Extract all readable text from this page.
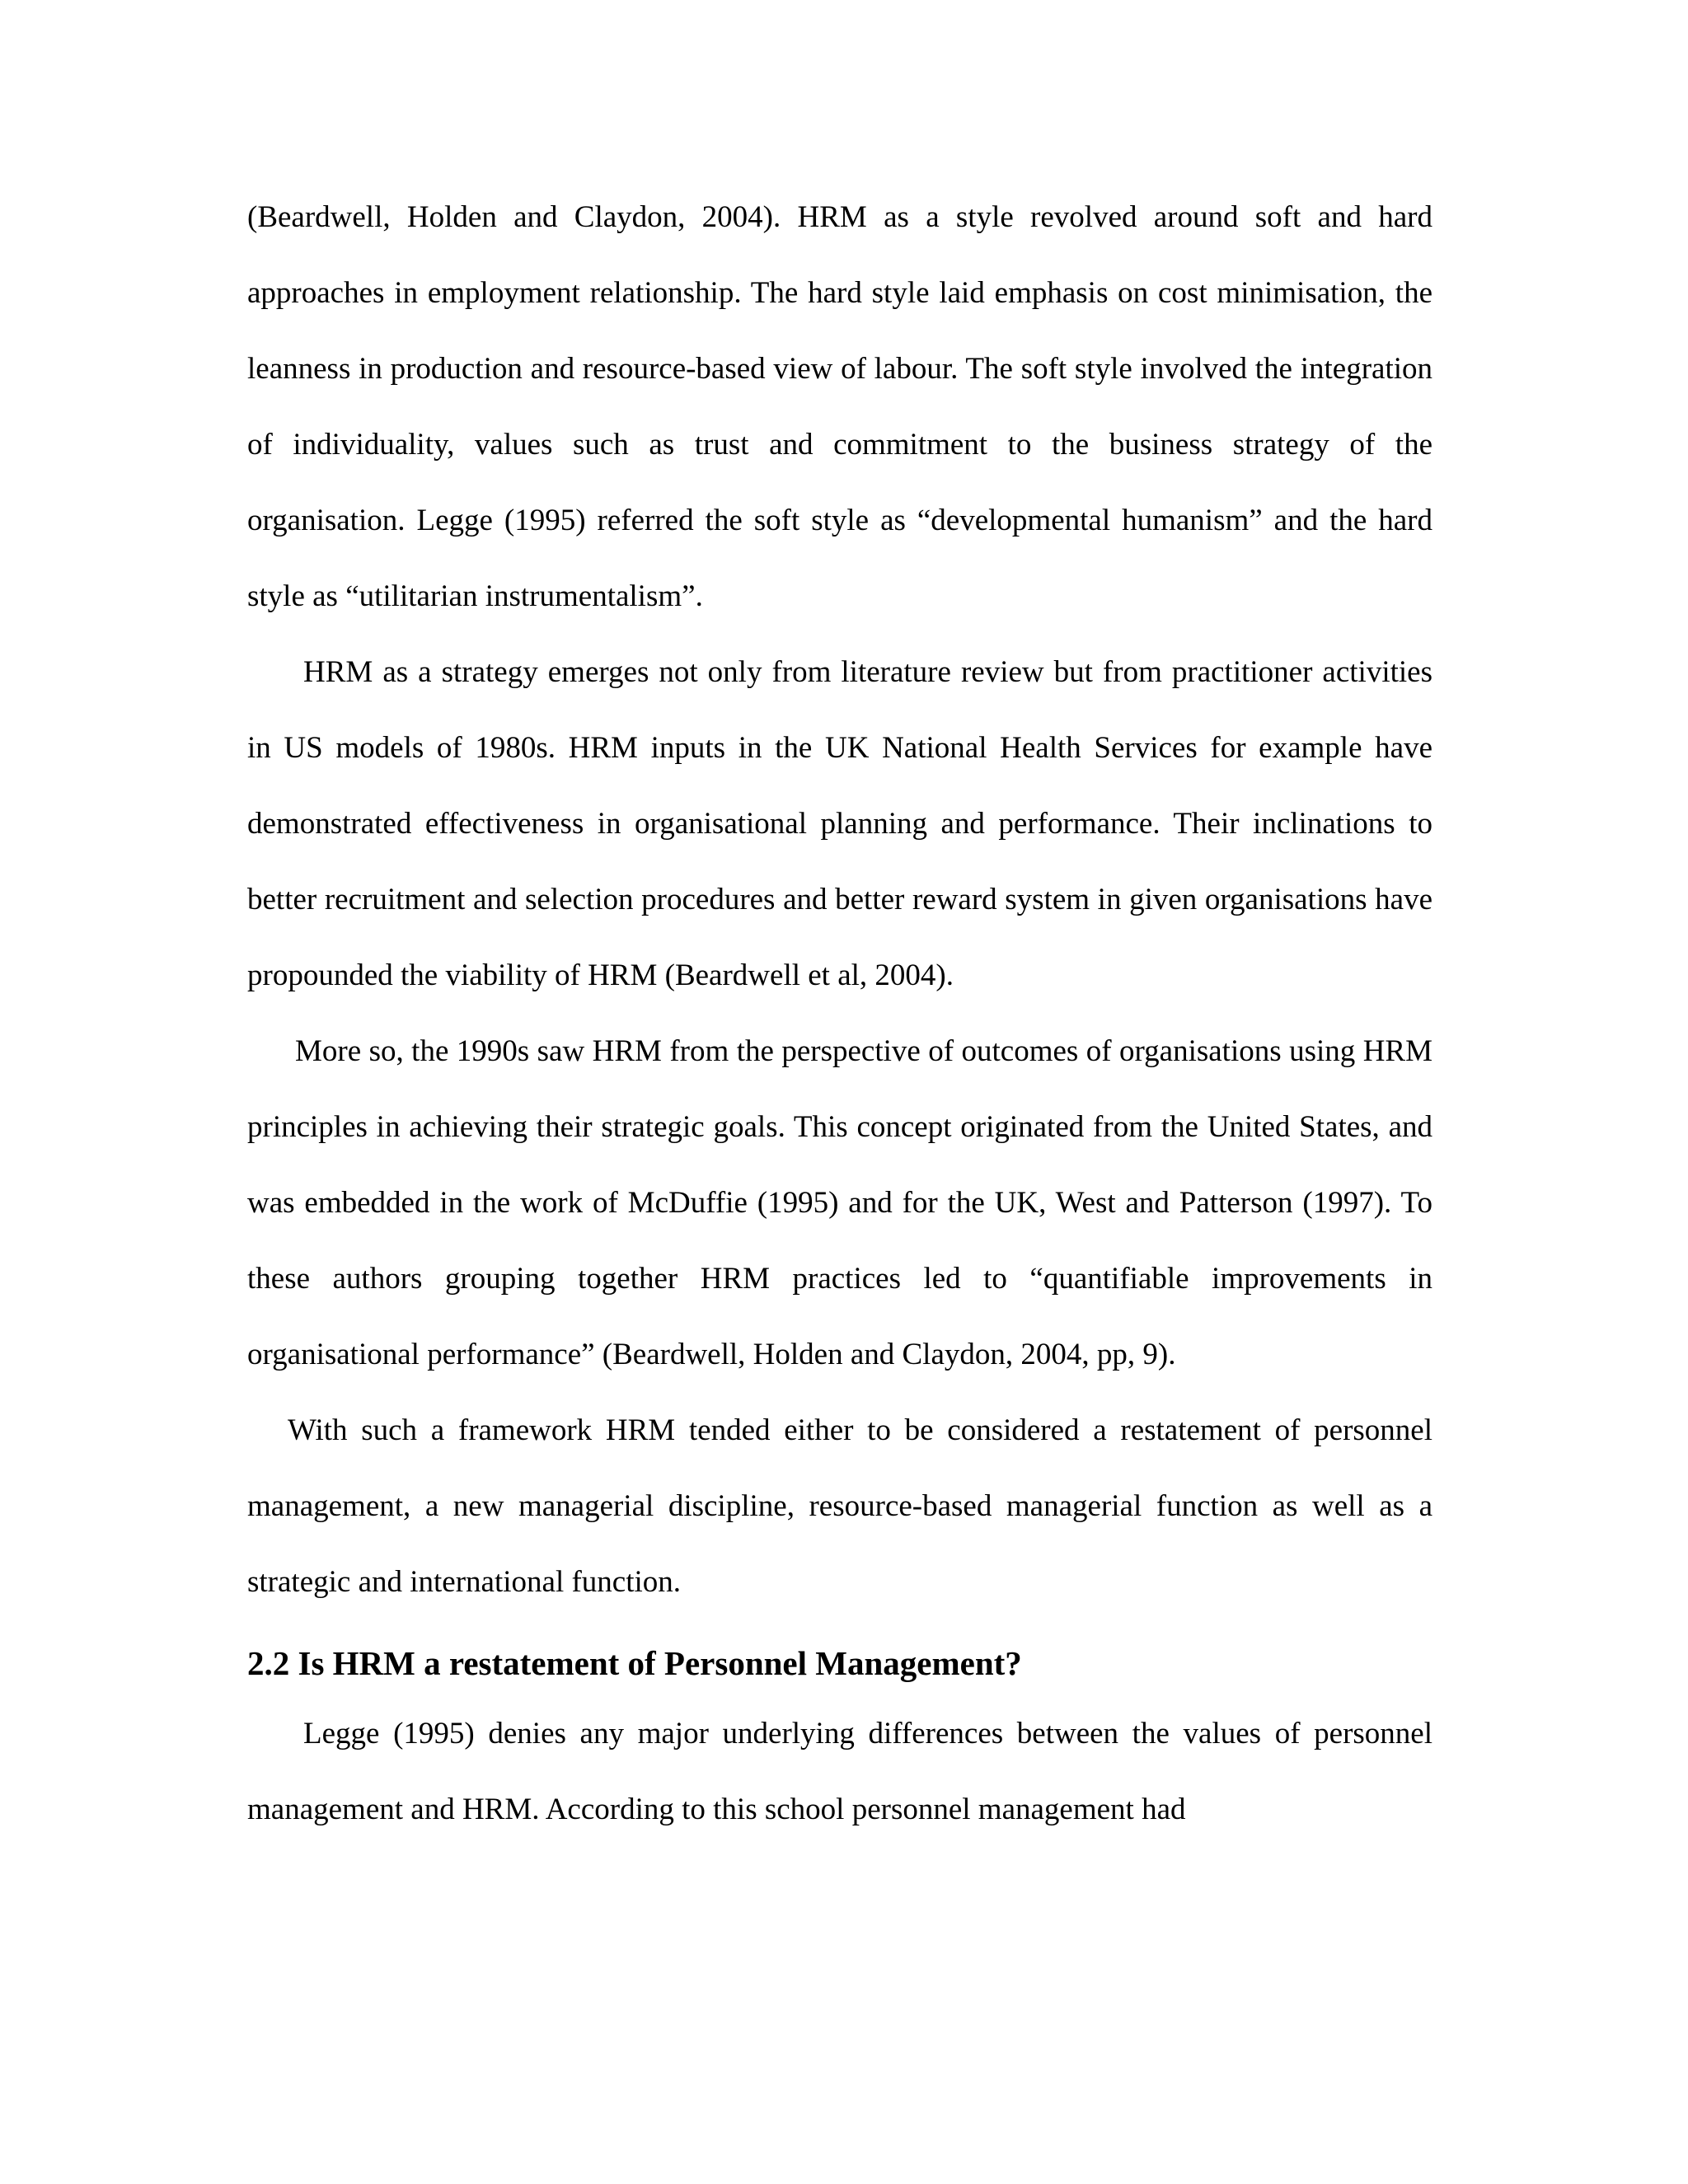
(Beardwell, Holden and Claydon, 2004). HRM as a style revolved around soft and hard approaches in employment relationship. The hard style laid emphasis on cost minimisation, the leanness in production and resource-based view of labour. The soft style involved the integration of individuality, values such as trust and commitment to the business strategy of the organisation. Legge (1995) referred the soft style as “developmental humanism” and the hard style as “utilitarian instrumentalism”.

HRM as a strategy emerges not only from literature review but from practitioner activities in US models of 1980s. HRM inputs in the UK National Health Services for example have demonstrated effectiveness in organisational planning and performance. Their inclinations to better recruitment and selection procedures and better reward system in given organisations have propounded the viability of HRM (Beardwell et al, 2004).

More so, the 1990s saw HRM from the perspective of outcomes of organisations using HRM principles in achieving their strategic goals. This concept originated from the United States, and was embedded in the work of McDuffie (1995) and for the UK, West and Patterson (1997). To these authors grouping together HRM practices led to “quantifiable improvements in organisational performance” (Beardwell, Holden and Claydon, 2004, pp, 9).

With such a framework HRM tended either to be considered a restatement of personnel management, a new managerial discipline, resource-based managerial function as well as a strategic and international function.

2.2 Is HRM a restatement of Personnel Management?

Legge (1995) denies any major underlying differences between the values of personnel management and HRM. According to this school personnel management had
